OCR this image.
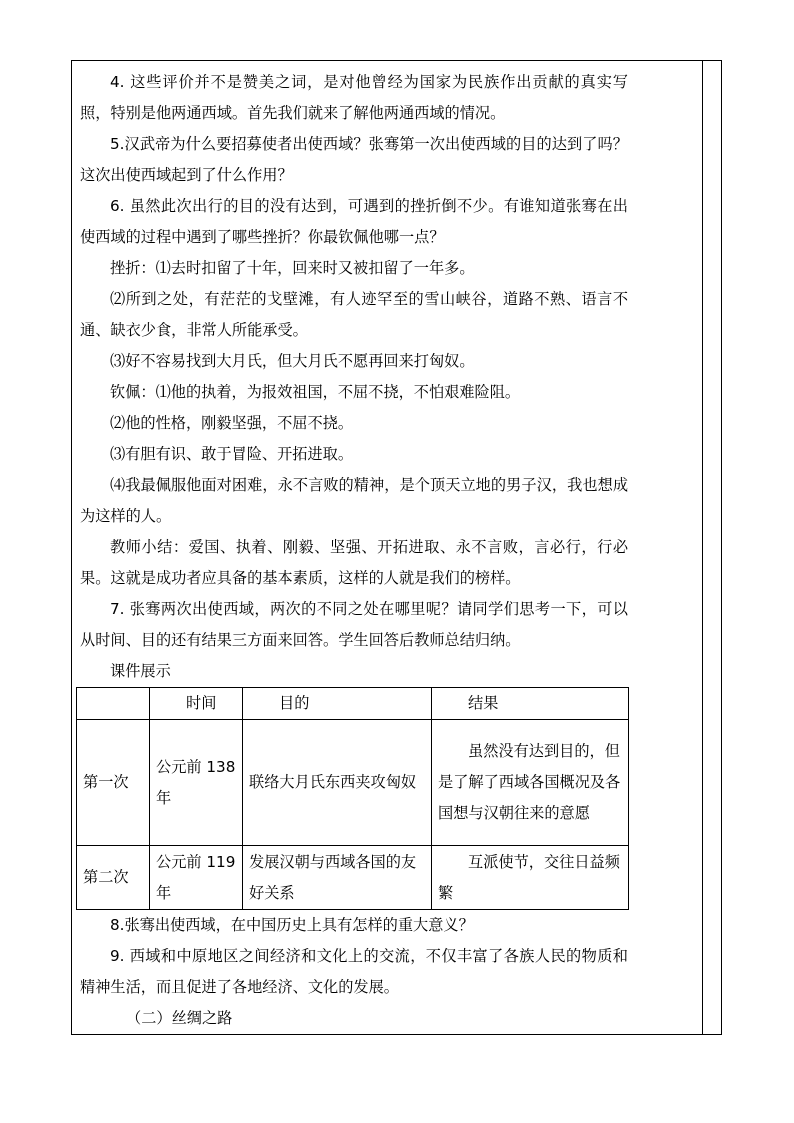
4. 这些评价并不是赞美之词，是对他曾经为国家为民族作出贡献的真实写照，特别是他两通西域。首先我们就来了解他两通西域的情况。

5.汉武帝为什么要招募使者出使西域？张骞第一次出使西域的目的达到了吗？ 这次出使西域起到了什么作用？

6. 虽然此次出行的目的没有达到，可遇到的挫折倒不少。有谁知道张骞在出使西域的过程中遇到了哪些挫折？你最钦佩他哪一点？

挫折：⑴去时扣留了十年，回来时又被扣留了一年多。

⑵所到之处，有茫茫的戈壁滩，有人迹罕至的雪山峡谷，道路不熟、语言不通、缺衣少食，非常人所能承受。

⑶好不容易找到大月氏，但大月氏不愿再回来打匈奴。

钦佩：⑴他的执着，为报效祖国，不屈不挠，不怕艰难险阻。

⑵他的性格，刚毅坚强，不屈不挠。

⑶有胆有识、敢于冒险、开拓进取。

⑷我最佩服他面对困难，永不言败的精神，是个顶天立地的男子汉，我也想成为这样的人。

教师小结：爱国、执着、刚毅、坚强、开拓进取、永不言败，言必行，行必果。这就是成功者应具备的基本素质，这样的人就是我们的榜样。

7. 张骞两次出使西域，两次的不同之处在哪里呢？请同学们思考一下，可以从时间、目的还有结果三方面来回答。学生回答后教师总结归纳。

课件展示

	时间	目的	结果
第一次	公元前 138 年	联络大月氏东西夹攻匈奴	虽然没有达到目的，但是了解了西域各国概况及各国想与汉朝往来的意愿
第二次	公元前 119 年	发展汉朝与西域各国的友好关系	互派使节，交往日益频繁

8.张骞出使西域，在中国历史上具有怎样的重大意义？

9. 西域和中原地区之间经济和文化上的交流，不仅丰富了各族人民的物质和精神生活，而且促进了各地经济、文化的发展。

（二）丝绸之路
